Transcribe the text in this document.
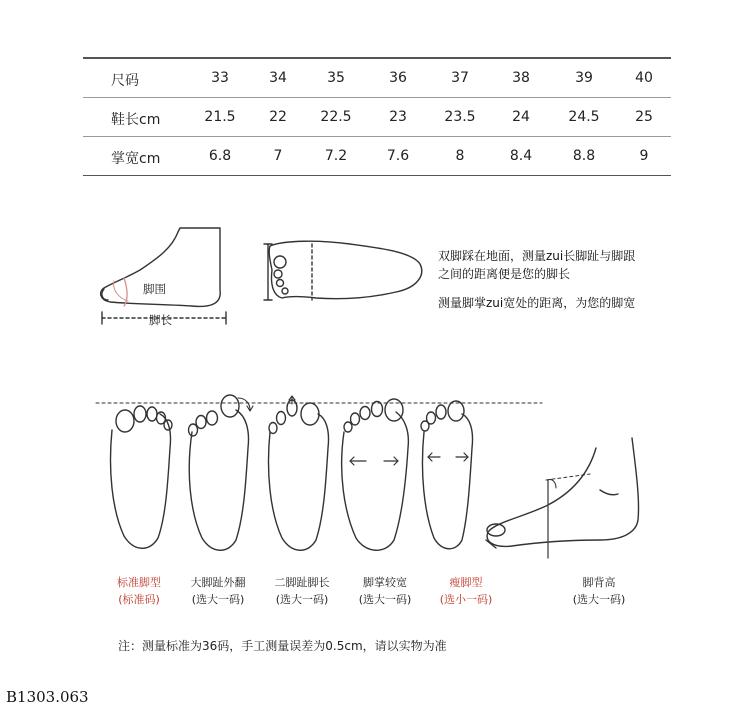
尺码	33	34	35	36	37	38	39	40
鞋长cm	21.5	22	22.5	23	23.5	24	24.5	25
掌宽cm	6.8	7	7.2	7.6	8	8.4	8.8	9
脚围
脚长
双脚踩在地面，测量zui长脚趾与脚跟
之间的距离便是您的脚长
测量脚掌zui宽处的距离，为您的脚宽
标准脚型
(标准码)
大脚趾外翻
(选大一码)
二脚趾脚长
(选大一码)
脚掌较宽
(选大一码)
瘦脚型
(选小一码)
脚背高
(选大一码)
注：测量标准为36码，手工测量误差为0.5cm，请以实物为准
B1303.063
